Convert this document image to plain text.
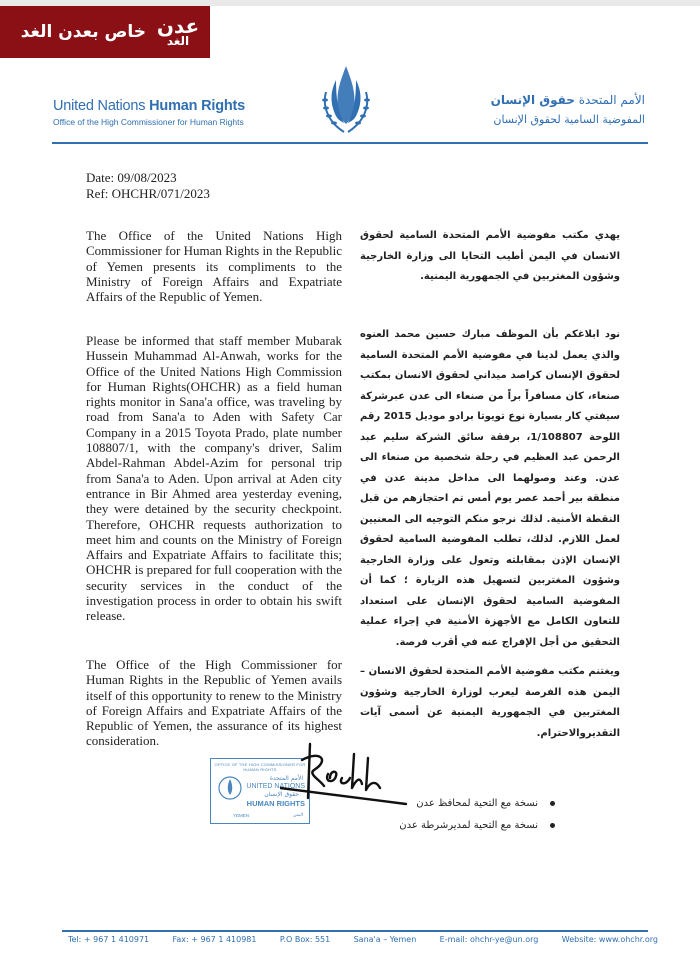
خاص بعدن الغد عدن
الغد
United Nations Human Rights
Office of the High Commissioner for Human Rights
الأمم المتحدة حقوق الإنسان
المفوضية السامية لحقوق الإنسان
Date: 09/08/2023
Ref: OHCHR/071/2023
The Office of the United Nations High Commissioner for Human Rights in the Republic of Yemen presents its compliments to the Ministry of Foreign Affairs and Expatriate Affairs of the Republic of Yemen.
يهدي مكتب مفوضية الأمم المتحدة السامية لحقوق الانسان في اليمن أطيب التحايا الى وزارة الخارجية وشؤون المغتربين في الجمهورية اليمنية.
Please be informed that staff member Mubarak Hussein Muhammad Al-Anwah, works for the Office of the United Nations High Commission for Human Rights(OHCHR) as a field human rights monitor in Sana'a office, was traveling by road from Sana'a to Aden with Safety Car Company in a 2015 Toyota Prado, plate number 108807/1, with the company's driver, Salim Abdel-Rahman Abdel-Azim for personal trip from Sana'a to Aden. Upon arrival at Aden city entrance in Bir Ahmed area yesterday evening, they were detained by the security checkpoint. Therefore, OHCHR requests authorization to meet him and counts on the Ministry of Foreign Affairs and Expatriate Affairs to facilitate this; OHCHR is prepared for full cooperation with the security services in the conduct of the investigation process in order to obtain his swift release.
نود ابلاغكم بأن الموظف مبارك حسين محمد العنوه والذي يعمل لدينا في مفوضية الأمم المتحدة السامية لحقوق الإنسان كراصد ميداني لحقوق الانسان بمكتب صنعاء، كان مسافراً براً من صنعاء الى عدن عبرشركة سيفتي كار بسيارة نوع تويوتا برادو موديل 2015 رقم اللوحة 1/108807، برفقة سائق الشركة سليم عبد الرحمن عبد العظيم في رحلة شخصية من صنعاء الى عدن. وعند وصولهما الى مداخل مدينة عدن في منطقة بير أحمد عصر يوم أمس تم احتجازهم من قبل النقطة الأمنية. لذلك نرجو منكم التوجيه الى المعنيين لعمل اللازم. لذلك، تطلب المفوضية السامية لحقوق الإنسان الإذن بمقابلته وتعول على وزارة الخارجية وشؤون المغتربين لتسهيل هذه الزيارة ؛ كما أن المفوضية السامية لحقوق الإنسان على استعداد للتعاون الكامل مع الأجهزة الأمنية في إجراء عملية التحقيق من أجل الإفراج عنه في أقرب فرصة.
The Office of the High Commissioner for Human Rights in the Republic of Yemen avails itself of this opportunity to renew to the Ministry of Foreign Affairs and Expatriate Affairs of the Republic of Yemen, the assurance of its highest consideration.
ويغتنم مكتب مفوضية الأمم المتحدة لحقوق الانسان – اليمن هذه الفرصة ليعرب لوزارة الخارجية وشؤون المغتربين في الجمهورية اليمنية عن أسمى آيات التقديروالاحترام.
OFFICE OF THE HIGH COMMISSIONER FOR HUMAN RIGHTS
الأمم المتحدة
UNITED NATIONS
حقوق الإنسان
HUMAN RIGHTS
YEMEN	اليمن
نسخة مع التحية لمحافظ عدن
نسخة مع التحية لمديرشرطة عدن
Tel: + 967 1 410971	Fax: + 967 1 410981	P.O Box: 551	Sana'a – Yemen	E-mail: ohchr-ye@un.org	Website: www.ohchr.org
